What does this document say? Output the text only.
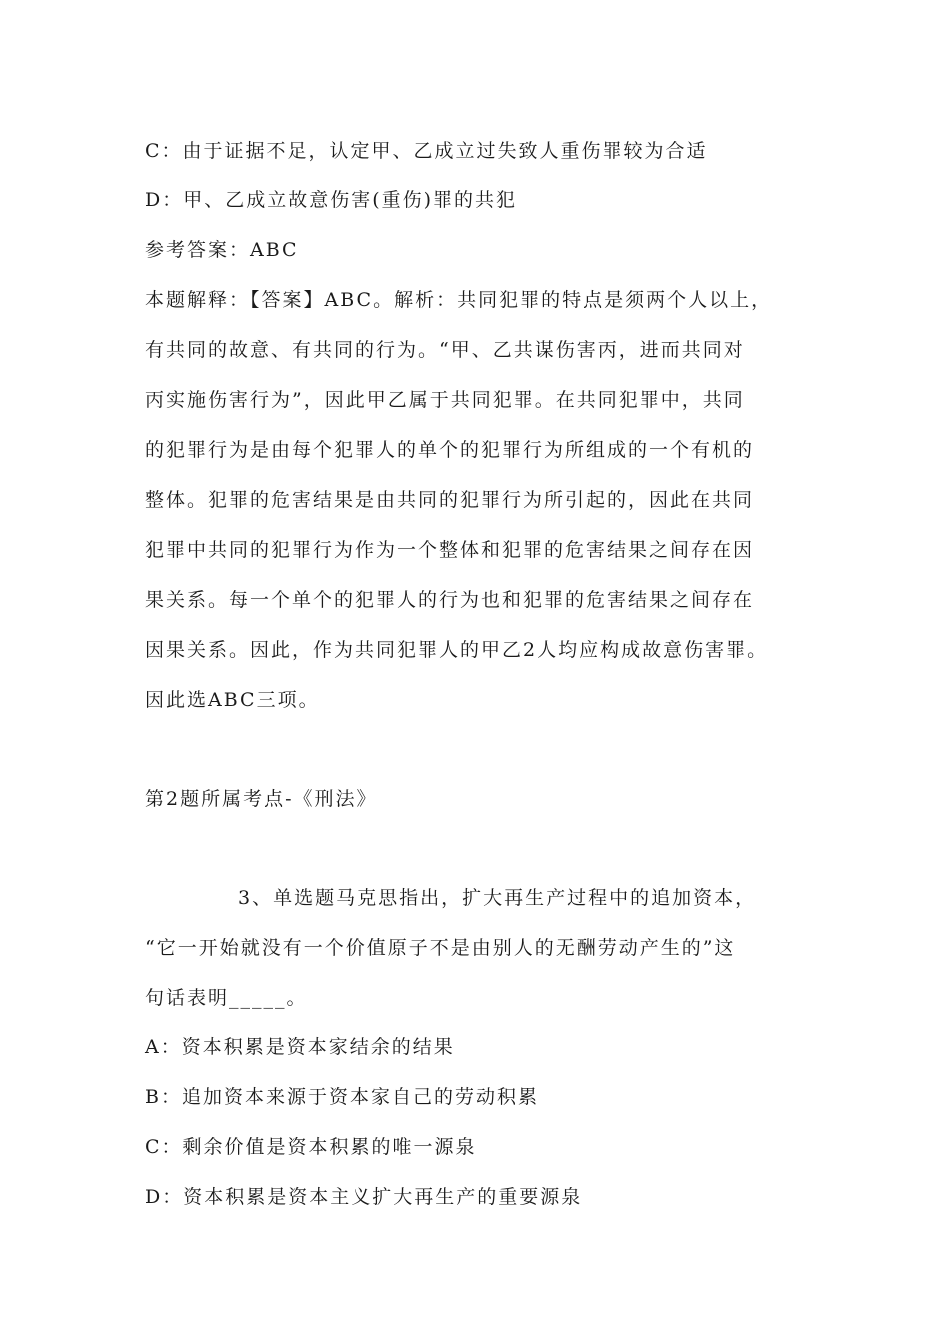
C：由于证据不足，认定甲、乙成立过失致人重伤罪较为合适
D：甲、乙成立故意伤害(重伤)罪的共犯
参考答案：ABC
本题解释：【答案】ABC。解析：共同犯罪的特点是须两个人以上，
有共同的故意、有共同的行为。“甲、乙共谋伤害丙，进而共同对
丙实施伤害行为”，因此甲乙属于共同犯罪。在共同犯罪中，共同
的犯罪行为是由每个犯罪人的单个的犯罪行为所组成的一个有机的
整体。犯罪的危害结果是由共同的犯罪行为所引起的，因此在共同
犯罪中共同的犯罪行为作为一个整体和犯罪的危害结果之间存在因
果关系。每一个单个的犯罪人的行为也和犯罪的危害结果之间存在
因果关系。因此，作为共同犯罪人的甲乙2人均应构成故意伤害罪。
因此选ABC三项。
第2题所属考点-《刑法》
3、单选题马克思指出，扩大再生产过程中的追加资本，
“它一开始就没有一个价值原子不是由别人的无酬劳动产生的”这
句话表明_____。
A：资本积累是资本家结余的结果
B：追加资本来源于资本家自己的劳动积累
C：剩余价值是资本积累的唯一源泉
D：资本积累是资本主义扩大再生产的重要源泉
